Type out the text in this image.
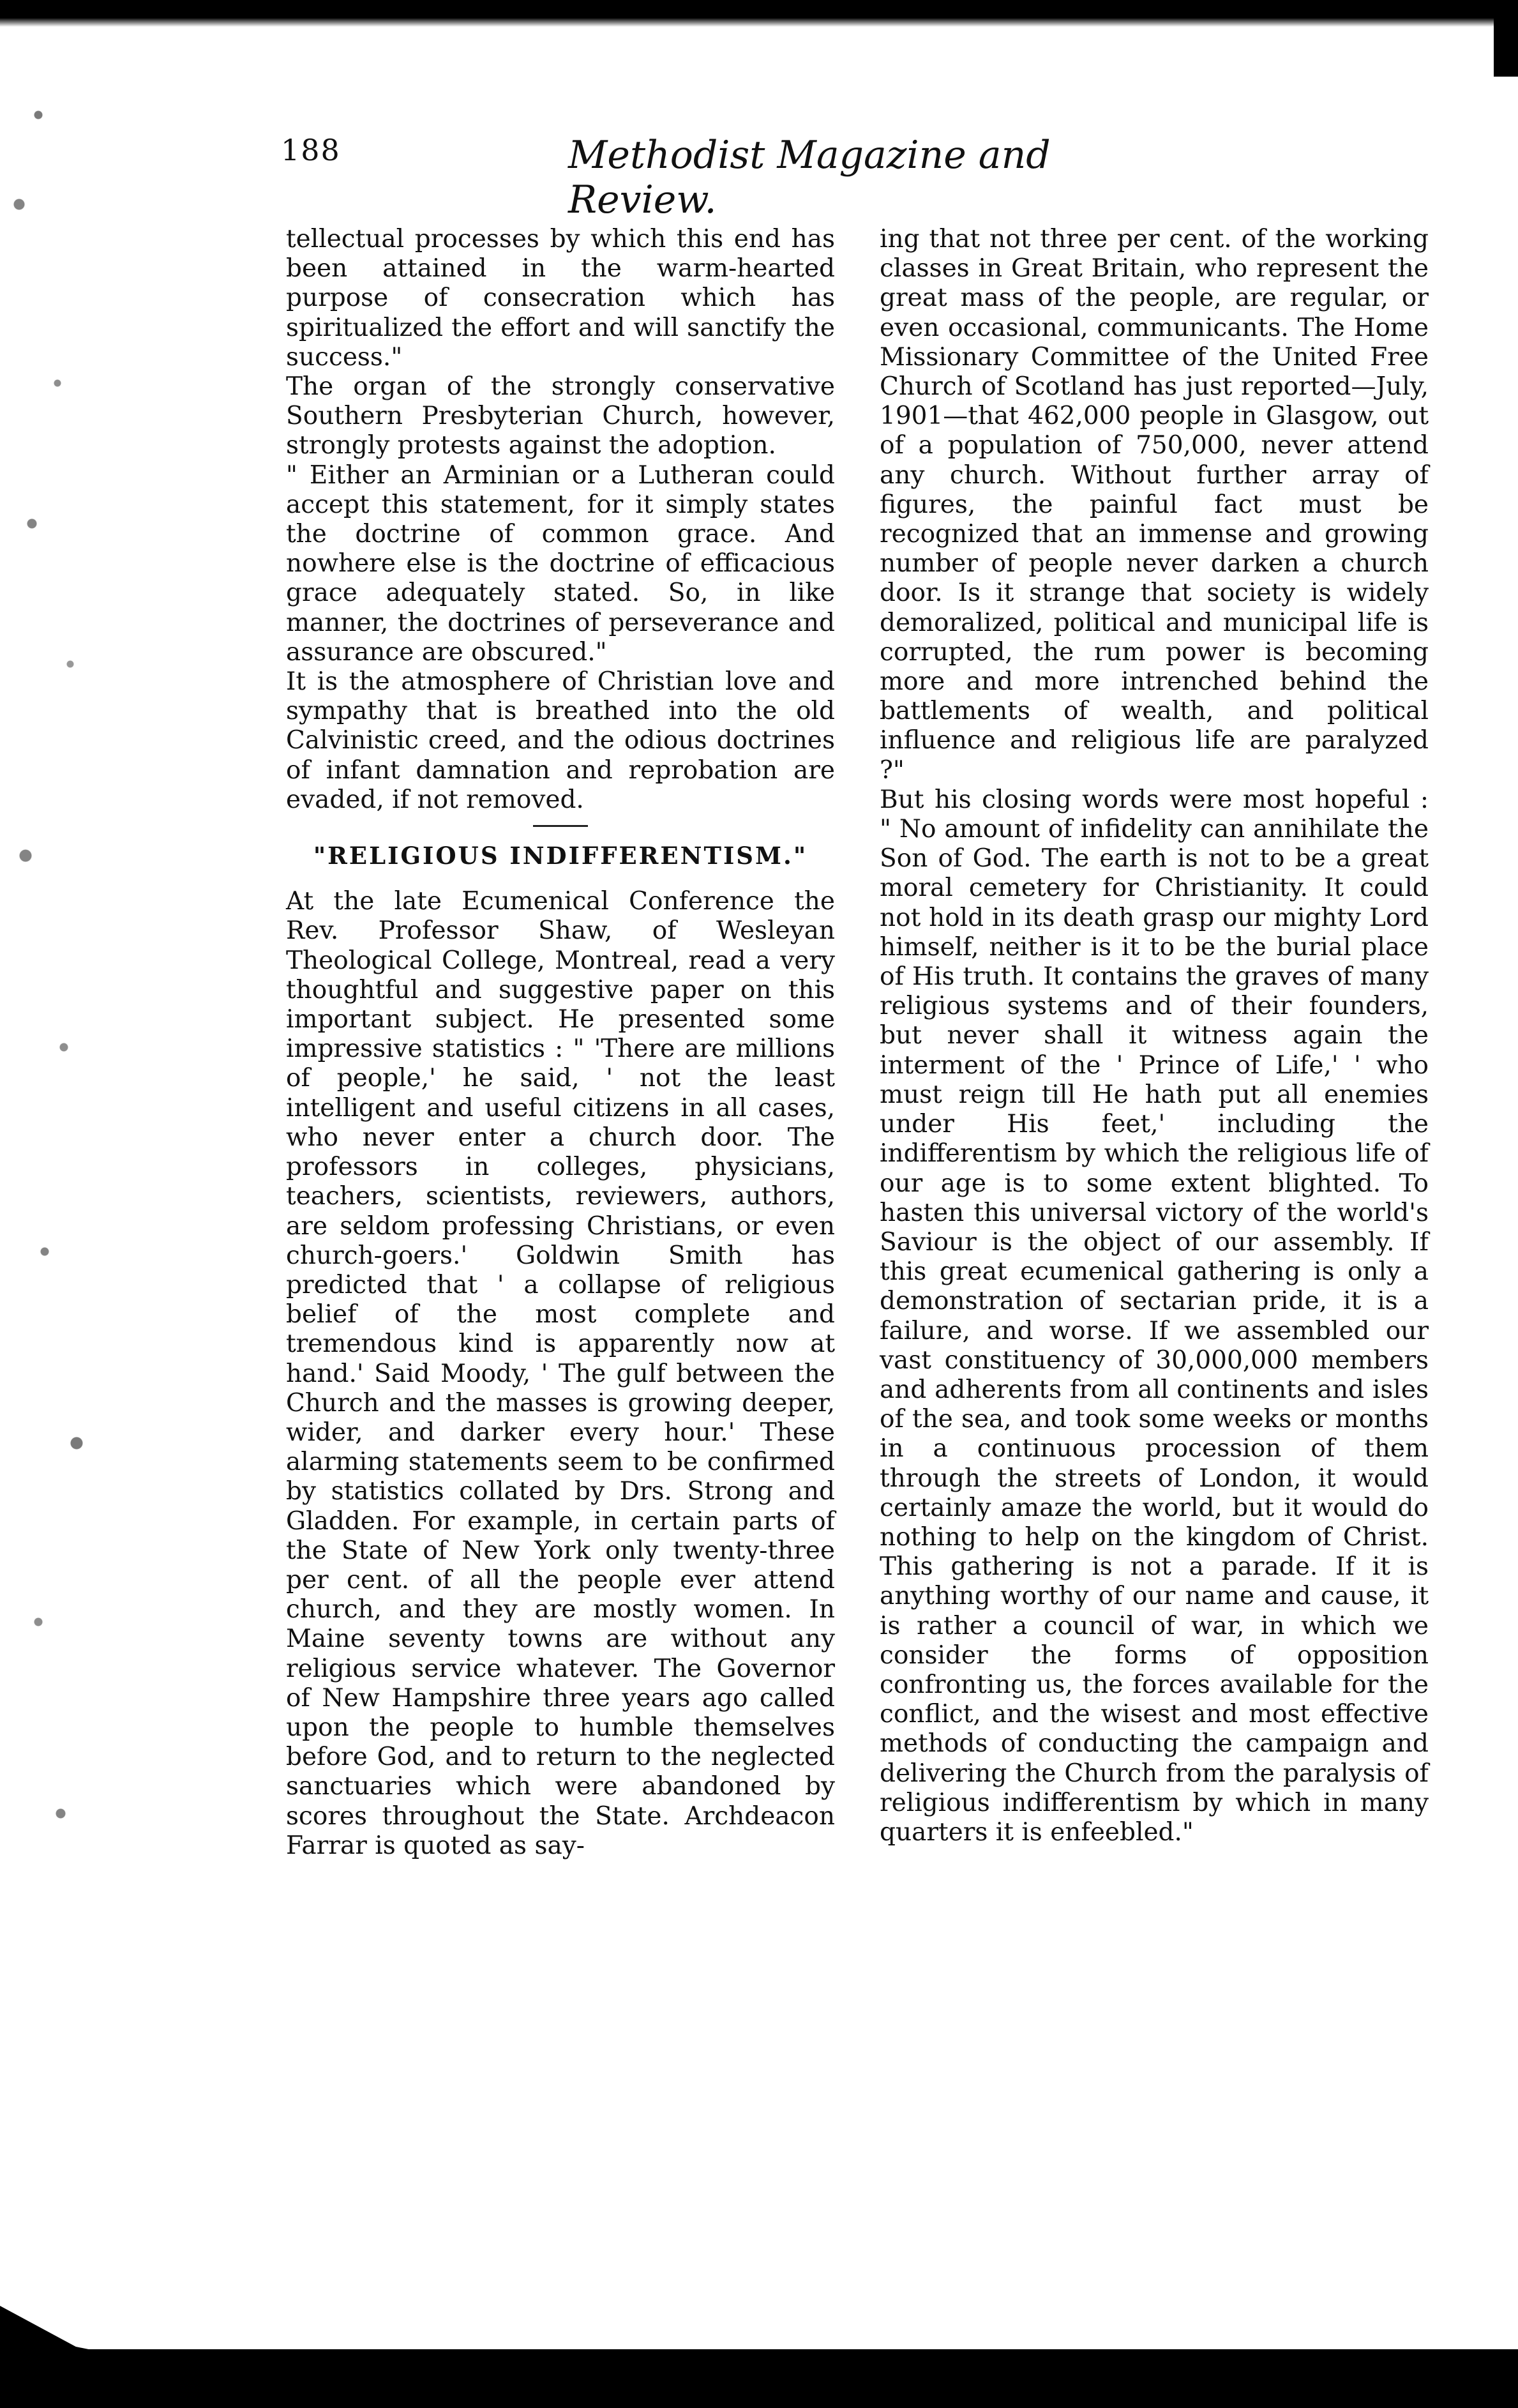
188	Methodist Magazine and Review.

tellectual processes by which this end has been attained in the warm-hearted purpose of consecration which has spiritualized the effort and will sanctify the success."

The organ of the strongly conservative Southern Presbyterian Church, however, strongly protests against the adoption.

" Either an Arminian or a Lutheran could accept this statement, for it simply states the doctrine of common grace. And nowhere else is the doctrine of efficacious grace adequately stated. So, in like manner, the doctrines of perseverance and assurance are obscured."

It is the atmosphere of Christian love and sympathy that is breathed into the old Calvinistic creed, and the odious doctrines of infant damnation and reprobation are evaded, if not removed.

"RELIGIOUS INDIFFERENTISM."

At the late Ecumenical Conference the Rev. Professor Shaw, of Wesleyan Theological College, Montreal, read a very thoughtful and suggestive paper on this important subject. He presented some impressive statistics : " 'There are millions of people,' he said, ' not the least intelligent and useful citizens in all cases, who never enter a church door. The professors in colleges, physicians, teachers, scientists, reviewers, authors, are seldom professing Christians, or even church-goers.' Goldwin Smith has predicted that ' a collapse of religious belief of the most complete and tremendous kind is apparently now at hand.' Said Moody, ' The gulf between the Church and the masses is growing deeper, wider, and darker every hour.' These alarming statements seem to be confirmed by statistics collated by Drs. Strong and Gladden. For example, in certain parts of the State of New York only twenty-three per cent. of all the people ever attend church, and they are mostly women. In Maine seventy towns are without any religious service whatever. The Governor of New Hampshire three years ago called upon the people to humble themselves before God, and to return to the neglected sanctuaries which were abandoned by scores throughout the State. Archdeacon Farrar is quoted as say-

ing that not three per cent. of the working classes in Great Britain, who represent the great mass of the people, are regular, or even occasional, communicants. The Home Missionary Committee of the United Free Church of Scotland has just reported—July, 1901—that 462,000 people in Glasgow, out of a population of 750,000, never attend any church. Without further array of figures, the painful fact must be recognized that an immense and growing number of people never darken a church door. Is it strange that society is widely demoralized, political and municipal life is corrupted, the rum power is becoming more and more intrenched behind the battlements of wealth, and political influence and religious life are paralyzed ?"

But his closing words were most hopeful : " No amount of infidelity can annihilate the Son of God. The earth is not to be a great moral cemetery for Christianity. It could not hold in its death grasp our mighty Lord himself, neither is it to be the burial place of His truth. It contains the graves of many religious systems and of their founders, but never shall it witness again the interment of the ' Prince of Life,' ' who must reign till He hath put all enemies under His feet,' including the indifferentism by which the religious life of our age is to some extent blighted. To hasten this universal victory of the world's Saviour is the object of our assembly. If this great ecumenical gathering is only a demonstration of sectarian pride, it is a failure, and worse. If we assembled our vast constituency of 30,000,000 members and adherents from all continents and isles of the sea, and took some weeks or months in a continuous procession of them through the streets of London, it would certainly amaze the world, but it would do nothing to help on the kingdom of Christ. This gathering is not a parade. If it is anything worthy of our name and cause, it is rather a council of war, in which we consider the forms of opposition confronting us, the forces available for the conflict, and the wisest and most effective methods of conducting the campaign and delivering the Church from the paralysis of religious indifferentism by which in many quarters it is enfeebled."
